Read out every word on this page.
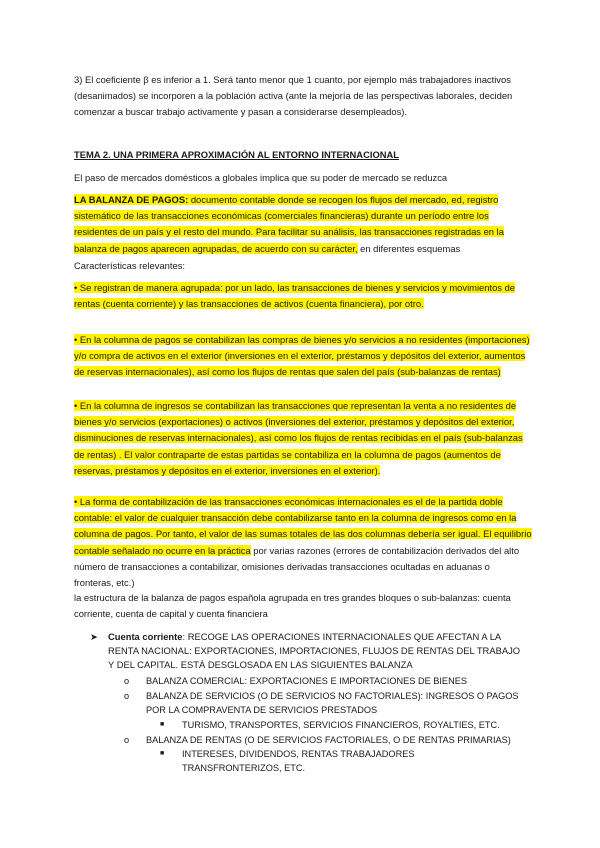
3) El coeficiente β es inferior a 1. Será tanto menor que 1 cuanto, por ejemplo más trabajadores inactivos (desanimados) se incorporen a la población activa (ante la mejoría de las perspectivas laborales, deciden comenzar a buscar trabajo activamente y pasan a considerarse desempleados).

TEMA 2. UNA PRIMERA APROXIMACIÓN AL ENTORNO INTERNACIONAL

El paso de mercados domésticos a globales implica que su poder de mercado se reduzca

LA BALANZA DE PAGOS: documento contable donde se recogen los flujos del mercado, ed, registro sistemático de las transacciones económicas (comerciales financieras) durante un período entre los residentes de un país y el resto del mundo. Para facilitar su análisis, las transacciones registradas en la balanza de pagos aparecen agrupadas, de acuerdo con su carácter, en diferentes esquemas

Características relevantes:

• Se registran de manera agrupada: por un lado, las transacciones de bienes y servicios y movimientos de rentas (cuenta corriente) y las transacciones de activos (cuenta financiera), por otro.

• En la columna de pagos se contabilizan las compras de bienes y/o servicios a no residentes (importaciones) y/o compra de activos en el exterior (inversiones en el exterior, préstamos y depósitos del exterior, aumentos de reservas internacionales), así como los flujos de rentas que salen del país (sub-balanzas de rentas)

• En la columna de ingresos se contabilizan las transacciones que representan la venta a no residentes de bienes y/o servicios (exportaciones) o activos (inversiones del exterior, préstamos y depósitos del exterior, disminuciones de reservas internacionales), así como los flujos de rentas recibidas en el país (sub-balanzas de rentas) . El valor contraparte de estas partidas se contabiliza en la columna de pagos (aumentos de reservas, préstamos y depósitos en el exterior, inversiones en el exterior).

• La forma de contabilización de las transacciones económicas internacionales es el de la partida doble contable: el valor de cualquier transacción debe contabilizarse tanto en la columna de ingresos como en la columna de pagos. Por tanto, el valor de las sumas totales de las dos columnas debería ser igual. El equilibrio contable señalado no ocurre en la práctica por varias razones (errores de contabilización derivados del alto número de transacciones a contabilizar, omisiones derivadas transacciones ocultadas en aduanas o fronteras, etc.)

la estructura de la balanza de pagos española agrupada en tres grandes bloques o sub-balanzas: cuenta corriente, cuenta de capital y cuenta financiera

➤	Cuenta corriente: RECOGE LAS OPERACIONES INTERNACIONALES QUE AFECTAN A LA RENTA NACIONAL: EXPORTACIONES, IMPORTACIONES, FLUJOS DE RENTAS DEL TRABAJO Y DEL CAPITAL. ESTÁ DESGLOSADA EN LAS SIGUIENTES BALANZA
o BALANZA COMERCIAL: EXPORTACIONES E IMPORTACIONES DE BIENES
o BALANZA DE SERVICIOS (O DE SERVICIOS NO FACTORIALES): INGRESOS O PAGOS POR LA COMPRAVENTA DE SERVICIOS PRESTADOS
■ TURISMO, TRANSPORTES, SERVICIOS FINANCIEROS, ROYALTIES, ETC.
o BALANZA DE RENTAS (O DE SERVICIOS FACTORIALES, O DE RENTAS PRIMARIAS)
■ INTERESES, DIVIDENDOS, RENTAS TRABAJADORES TRANSFRONTERIZOS, ETC.
